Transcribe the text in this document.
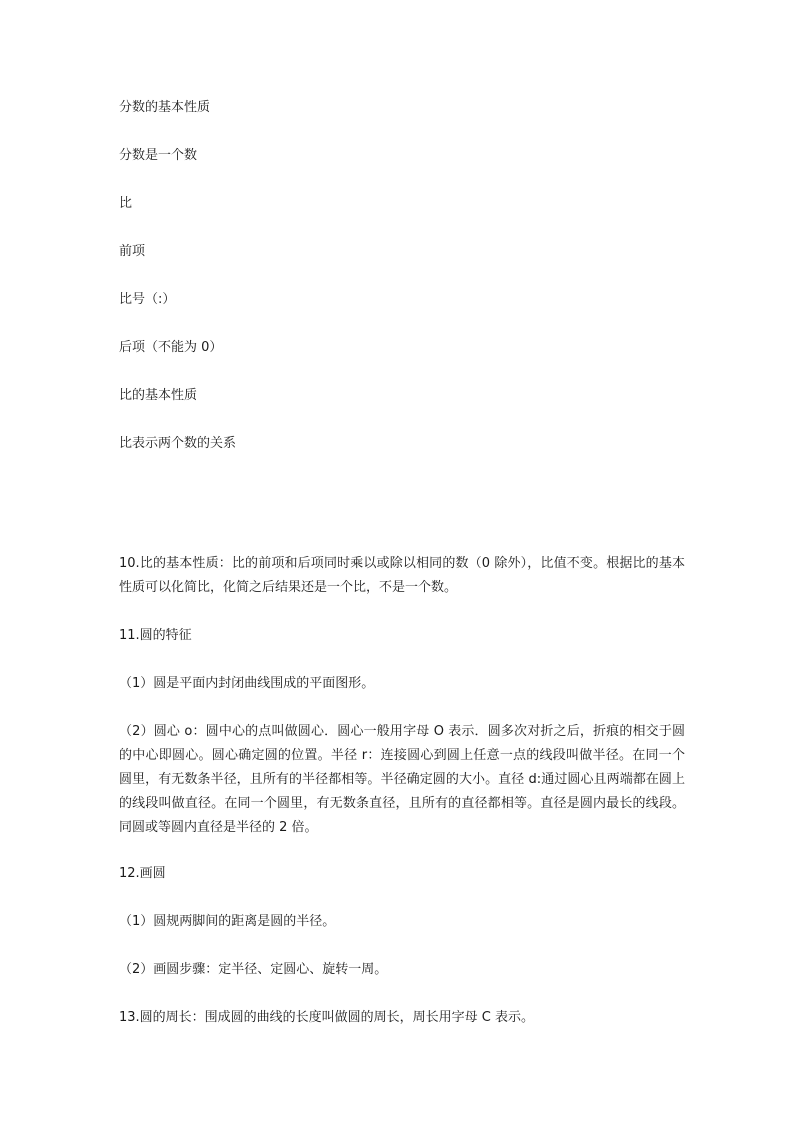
分数的基本性质
分数是一个数
比
前项
比号（:）
后项（不能为 0）
比的基本性质
比表示两个数的关系
10.比的基本性质：比的前项和后项同时乘以或除以相同的数（0 除外），比值不变。根据比的基本性质可以化简比，化简之后结果还是一个比，不是一个数。
11.圆的特征
（1）圆是平面内封闭曲线围成的平面图形。
（2）圆心 o：圆中心的点叫做圆心．圆心一般用字母 O 表示．圆多次对折之后，折痕的相交于圆的中心即圆心。圆心确定圆的位置。半径 r：连接圆心到圆上任意一点的线段叫做半径。在同一个圆里，有无数条半径，且所有的半径都相等。半径确定圆的大小。直径 d:通过圆心且两端都在圆上的线段叫做直径。在同一个圆里，有无数条直径，且所有的直径都相等。直径是圆内最长的线段。同圆或等圆内直径是半径的 2 倍。
12.画圆
（1）圆规两脚间的距离是圆的半径。
（2）画圆步骤：定半径、定圆心、旋转一周。
13.圆的周长：围成圆的曲线的长度叫做圆的周长，周长用字母 C 表示。
